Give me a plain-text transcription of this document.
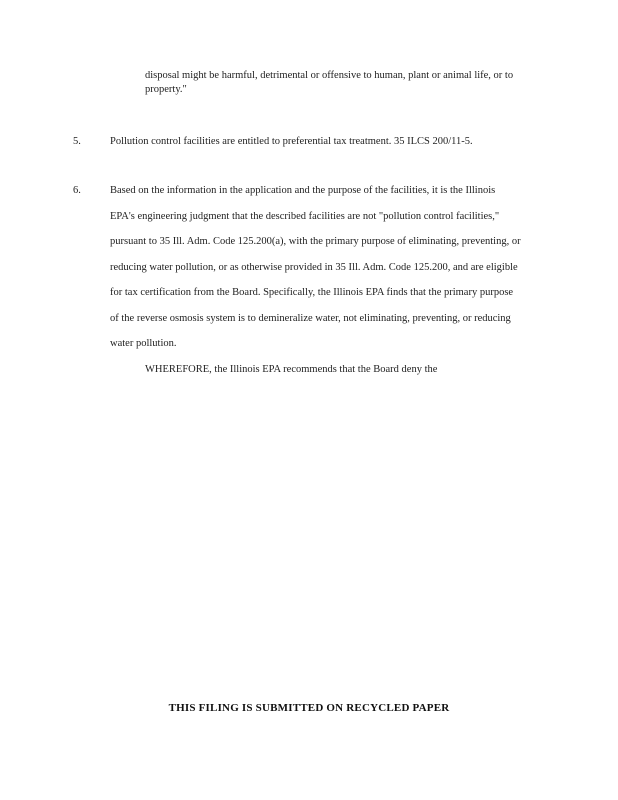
disposal might be harmful, detrimental or offensive to human, plant or animal life, or to
property."
5.	Pollution control facilities are entitled to preferential tax treatment. 35 ILCS 200/11-5.
6.	Based on the information in the application and the purpose of the facilities, it is the Illinois
EPA's engineering judgment that the described facilities are not "pollution control facilities,"
pursuant to 35 Ill. Adm. Code 125.200(a), with the primary purpose of eliminating, preventing, or
reducing water pollution, or as otherwise provided in 35 Ill. Adm. Code 125.200, and are eligible
for tax certification from the Board. Specifically, the Illinois EPA finds that the primary purpose
of the reverse osmosis system is to demineralize water, not eliminating, preventing, or reducing
water pollution.
WHEREFORE, the Illinois EPA recommends that the Board deny the
THIS FILING IS SUBMITTED ON RECYCLED PAPER
